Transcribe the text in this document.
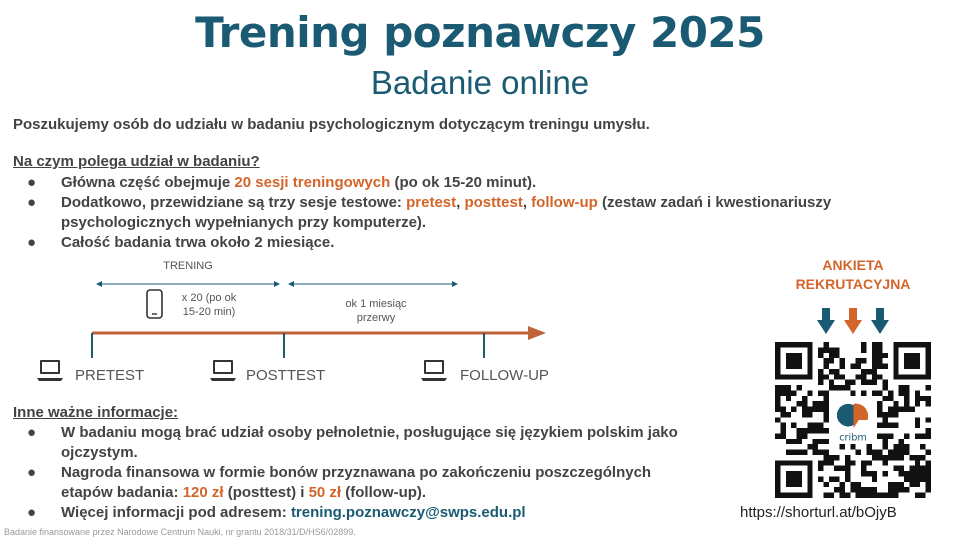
Trening poznawczy 2025
Badanie online
Poszukujemy osób do udziału w badaniu psychologicznym dotyczącym treningu umysłu.
Na czym polega udział w badaniu?
● Główna część obejmuje 20 sesji treningowych (po ok 15-20 minut).
● Dodatkowo, przewidziane są trzy sesje testowe: pretest, posttest, follow-up (zestaw zadań i kwestionariuszy psychologicznych wypełnianych przy komputerze).
● Całość badania trwa około 2 miesiące.
TRENING
x 20 (po ok
15-20 min)
ok 1 miesiąc
przerwy
PRETEST	POSTTEST	FOLLOW-UP
Inne ważne informacje:
● W badaniu mogą brać udział osoby pełnoletnie, posługujące się językiem polskim jako ojczystym.
● Nagroda finansowa w formie bonów przyznawana po zakończeniu poszczególnych etapów badania: 120 zł (posttest) i 50 zł (follow-up).
● Więcej informacji pod adresem: trening.poznawczy@swps.edu.pl
ANKIETA
REKRUTACYJNA
cribm
https://shorturl.at/bOjyB
Badanie finansowane przez Narodowe Centrum Nauki, nr grantu 2018/31/D/HS6/02899.
